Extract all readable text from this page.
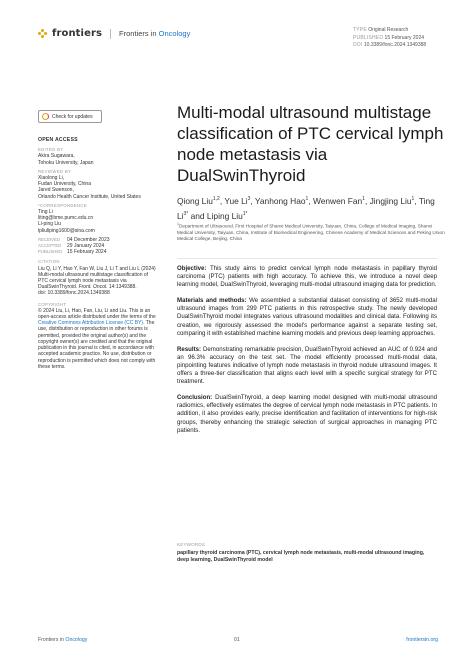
frontiers Frontiers in Oncology	TYPE Original Research
PUBLISHED 15 February 2024
DOI 10.3389/fonc.2024.1349388
Check for updates
OPEN ACCESS
EDITED BY
Akira Sugawara,
Tohoku University, Japan
REVIEWED BY
Xiaolong Li,
Fudan University, China
Jared Swenson,
Orlando Health Cancer Institute, United States
*CORRESPONDENCE
Ting Li
liting@bme.pumc.edu.cn
Li-ping Liu
lpliuliping1600@sina.com
RECEIVED	04 December 2023
ACCEPTED	29 January 2024
PUBLISHED 15 February 2024
CITATION
Liu Q, Li Y, Hao Y, Fan W, Liu J, Li T and Liu L (2024) Multi-modal ultrasound multistage classification of PTC cervical lymph node metastasis via DualSwinThyroid. Front. Oncol. 14:1349388.
doi: 10.3389/fonc.2024.1349388
COPYRIGHT
© 2024 Liu, Li, Hao, Fan, Liu, Li and Liu. This is an open-access article distributed under the terms of the Creative Commons Attribution License (CC BY). The use, distribution or reproduction in other forums is permitted, provided the original author(s) and the copyright owner(s) are credited and that the original publication in this journal is cited, in accordance with accepted academic practice. No use, distribution or reproduction is permitted which does not comply with these terms.
Multi-modal ultrasound multistage classification of PTC cervical lymph node metastasis via DualSwinThyroid
Qiong Liu$^{1,2}$, Yue Li$^3$, Yanhong Hao$^1$, Wenwen Fan$^1$, Jingjing Liu$^1$, Ting $Li^{3*}$ and Liping Liu$^{1*}$
$^1$Department of Ultrasound, First Hospital of Shanxi Medical University, Taiyuan, China, College of Medical Imaging, Shanxi Medical University, Taiyuan, China, Institute of Biomedical Engineering, Chinese Academy of Medical Sciences and Peking Union Medical College, Beijing, China

Objective: This study aims to predict cervical lymph node metastasis in papillary thyroid carcinoma (PTC) patients with high accuracy. To achieve this, we introduce a novel deep learning model, DualSwinThyroid, leveraging multi-modal ultrasound imaging data for prediction.

Materials and methods: We assembled a substantial dataset consisting of 3652 multi-modal ultrasound images from 299 PTC patients in this retrospective study. The newly developed DualSwinThyroid model integrates various ultrasound modalities and clinical data. Following its creation, we rigorously assessed the model's performance against a separate testing set, comparing it with established machine learning models and previous deep learning approaches.

Results: Demonstrating remarkable precision, DualSwinThyroid achieved an AUC of 0.924 and an 96.3% accuracy on the test set. The model efficiently processed multi-modal data, pinpointing features indicative of lymph node metastasis in thyroid nodule ultrasound images. It offers a three-tier classification that aligns each level with a specific surgical strategy for PTC treatment.

Conclusion: DualSwinThyroid, a deep learning model designed with multi-modal ultrasound radiomics, effectively estimates the degree of cervical lymph node metastasis in PTC patients. In addition, it also provides early, precise identification and facilitation of interventions for high-risk groups, thereby enhancing the strategic selection of surgical approaches in managing PTC patients.

KEYWORDS
papillary thyroid carcinoma (PTC), cervical lymph node metastasis, multi-modal ultrasound imaging, deep learning, DualSwinThyroid model
Frontiers in Oncology	01	frontiersin.org
